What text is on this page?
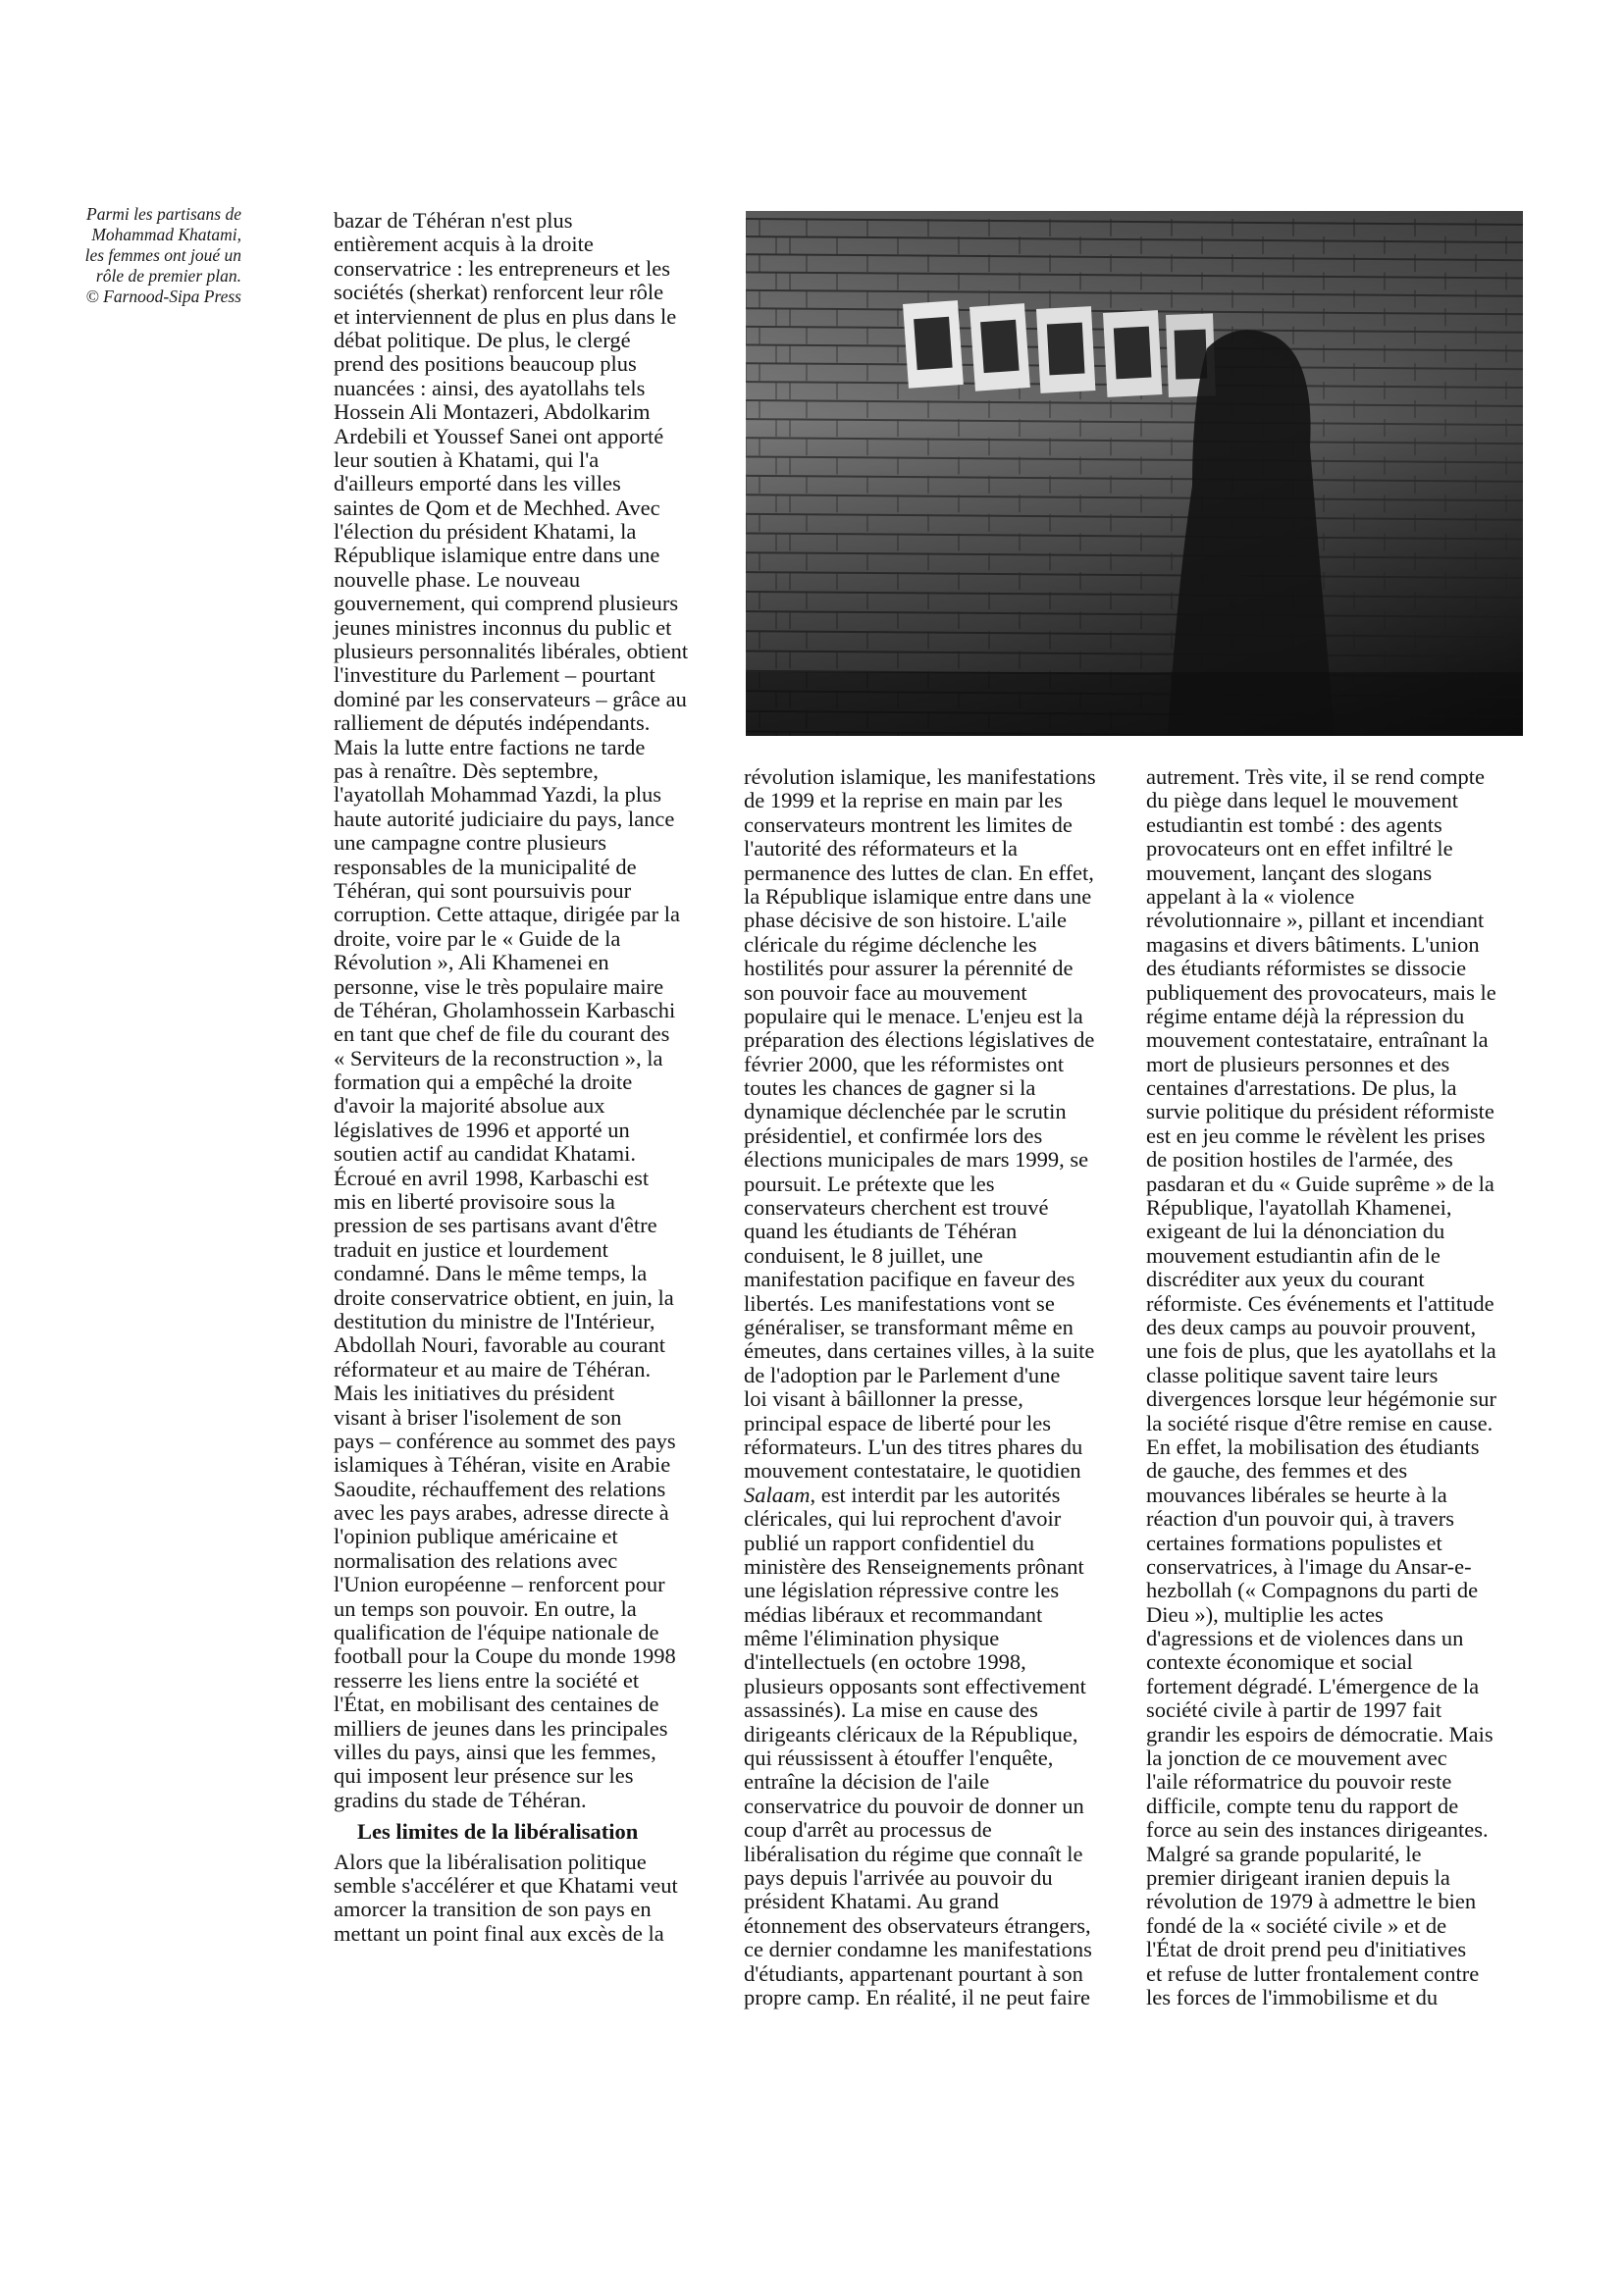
Parmi les partisans de
Mohammad Khatami,
les femmes ont joué un
rôle de premier plan.
© Farnood-Sipa Press
bazar de Téhéran n'est plus
entièrement acquis à la droite
conservatrice : les entrepreneurs et les
sociétés (sherkat) renforcent leur rôle
et interviennent de plus en plus dans le
débat politique. De plus, le clergé
prend des positions beaucoup plus
nuancées : ainsi, des ayatollahs tels
Hossein Ali Montazeri, Abdolkarim
Ardebili et Youssef Sanei ont apporté
leur soutien à Khatami, qui l'a
d'ailleurs emporté dans les villes
saintes de Qom et de Mechhed. Avec
l'élection du président Khatami, la
République islamique entre dans une
nouvelle phase. Le nouveau
gouvernement, qui comprend plusieurs
jeunes ministres inconnus du public et
plusieurs personnalités libérales, obtient
l'investiture du Parlement – pourtant
dominé par les conservateurs – grâce au
ralliement de députés indépendants.
Mais la lutte entre factions ne tarde
pas à renaître. Dès septembre,
l'ayatollah Mohammad Yazdi, la plus
haute autorité judiciaire du pays, lance
une campagne contre plusieurs
responsables de la municipalité de
Téhéran, qui sont poursuivis pour
corruption. Cette attaque, dirigée par la
droite, voire par le « Guide de la
Révolution », Ali Khamenei en
personne, vise le très populaire maire
de Téhéran, Gholamhossein Karbaschi
en tant que chef de file du courant des
« Serviteurs de la reconstruction », la
formation qui a empêché la droite
d'avoir la majorité absolue aux
législatives de 1996 et apporté un
soutien actif au candidat Khatami.
Écroué en avril 1998, Karbaschi est
mis en liberté provisoire sous la
pression de ses partisans avant d'être
traduit en justice et lourdement
condamné. Dans le même temps, la
droite conservatrice obtient, en juin, la
destitution du ministre de l'Intérieur,
Abdollah Nouri, favorable au courant
réformateur et au maire de Téhéran.
Mais les initiatives du président
visant à briser l'isolement de son
pays – conférence au sommet des pays
islamiques à Téhéran, visite en Arabie
Saoudite, réchauffement des relations
avec les pays arabes, adresse directe à
l'opinion publique américaine et
normalisation des relations avec
l'Union européenne – renforcent pour
un temps son pouvoir. En outre, la
qualification de l'équipe nationale de
football pour la Coupe du monde 1998
resserre les liens entre la société et
l'État, en mobilisant des centaines de
milliers de jeunes dans les principales
villes du pays, ainsi que les femmes,
qui imposent leur présence sur les
gradins du stade de Téhéran.
Les limites de la libéralisation
Alors que la libéralisation politique
semble s'accélérer et que Khatami veut
amorcer la transition de son pays en
mettant un point final aux excès de la
révolution islamique, les manifestations
de 1999 et la reprise en main par les
conservateurs montrent les limites de
l'autorité des réformateurs et la
permanence des luttes de clan. En effet,
la République islamique entre dans une
phase décisive de son histoire. L'aile
cléricale du régime déclenche les
hostilités pour assurer la pérennité de
son pouvoir face au mouvement
populaire qui le menace. L'enjeu est la
préparation des élections législatives de
février 2000, que les réformistes ont
toutes les chances de gagner si la
dynamique déclenchée par le scrutin
présidentiel, et confirmée lors des
élections municipales de mars 1999, se
poursuit. Le prétexte que les
conservateurs cherchent est trouvé
quand les étudiants de Téhéran
conduisent, le 8 juillet, une
manifestation pacifique en faveur des
libertés. Les manifestations vont se
généraliser, se transformant même en
émeutes, dans certaines villes, à la suite
de l'adoption par le Parlement d'une
loi visant à bâillonner la presse,
principal espace de liberté pour les
réformateurs. L'un des titres phares du
mouvement contestataire, le quotidien
Salaam, est interdit par les autorités
cléricales, qui lui reprochent d'avoir
publié un rapport confidentiel du
ministère des Renseignements prônant
une législation répressive contre les
médias libéraux et recommandant
même l'élimination physique
d'intellectuels (en octobre 1998,
plusieurs opposants sont effectivement
assassinés). La mise en cause des
dirigeants cléricaux de la République,
qui réussissent à étouffer l'enquête,
entraîne la décision de l'aile
conservatrice du pouvoir de donner un
coup d'arrêt au processus de
libéralisation du régime que connaît le
pays depuis l'arrivée au pouvoir du
président Khatami. Au grand
étonnement des observateurs étrangers,
ce dernier condamne les manifestations
d'étudiants, appartenant pourtant à son
propre camp. En réalité, il ne peut faire
autrement. Très vite, il se rend compte
du piège dans lequel le mouvement
estudiantin est tombé : des agents
provocateurs ont en effet infiltré le
mouvement, lançant des slogans
appelant à la « violence
révolutionnaire », pillant et incendiant
magasins et divers bâtiments. L'union
des étudiants réformistes se dissocie
publiquement des provocateurs, mais le
régime entame déjà la répression du
mouvement contestataire, entraînant la
mort de plusieurs personnes et des
centaines d'arrestations. De plus, la
survie politique du président réformiste
est en jeu comme le révèlent les prises
de position hostiles de l'armée, des
pasdaran et du « Guide suprême » de la
République, l'ayatollah Khamenei,
exigeant de lui la dénonciation du
mouvement estudiantin afin de le
discréditer aux yeux du courant
réformiste. Ces événements et l'attitude
des deux camps au pouvoir prouvent,
une fois de plus, que les ayatollahs et la
classe politique savent taire leurs
divergences lorsque leur hégémonie sur
la société risque d'être remise en cause.
En effet, la mobilisation des étudiants
de gauche, des femmes et des
mouvances libérales se heurte à la
réaction d'un pouvoir qui, à travers
certaines formations populistes et
conservatrices, à l'image du Ansar-e-
hezbollah (« Compagnons du parti de
Dieu »), multiplie les actes
d'agressions et de violences dans un
contexte économique et social
fortement dégradé. L'émergence de la
société civile à partir de 1997 fait
grandir les espoirs de démocratie. Mais
la jonction de ce mouvement avec
l'aile réformatrice du pouvoir reste
difficile, compte tenu du rapport de
force au sein des instances dirigeantes.
Malgré sa grande popularité, le
premier dirigeant iranien depuis la
révolution de 1979 à admettre le bien
fondé de la « société civile » et de
l'État de droit prend peu d'initiatives
et refuse de lutter frontalement contre
les forces de l'immobilisme et du
